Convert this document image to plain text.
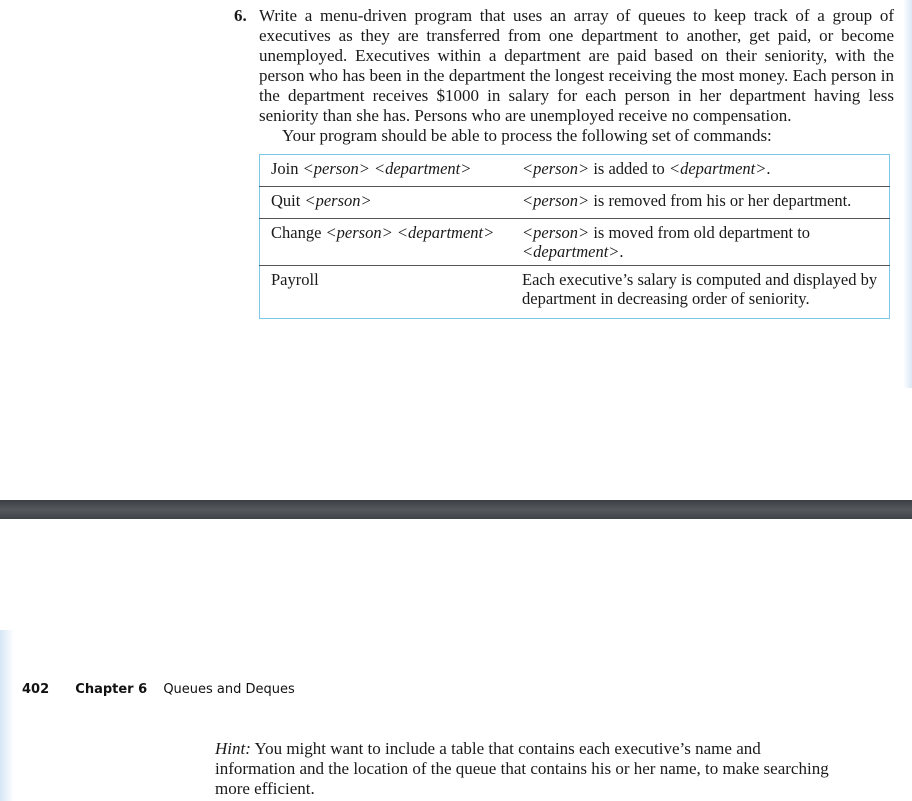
6. Write a menu-driven program that uses an array of queues to keep track of a group of executives as they are transferred from one department to another, get paid, or become unemployed. Executives within a department are paid based on their seniority, with the person who has been in the department the longest receiving the most money. Each person in the department receives $1000 in salary for each person in her department having less seniority than she has. Persons who are unemployed receive no compensation.
Your program should be able to process the following set of commands:
Join <person> <department>	<person> is added to <department>.
Quit <person>	<person> is removed from his or her department.
Change <person> <department>	<person> is moved from old department to <department>.
Payroll	Each executive’s salary is computed and displayed by department in decreasing order of seniority.
402 Chapter 6 Queues and Deques
Hint: You might want to include a table that contains each executive’s name and information and the location of the queue that contains his or her name, to make searching more efficient.
